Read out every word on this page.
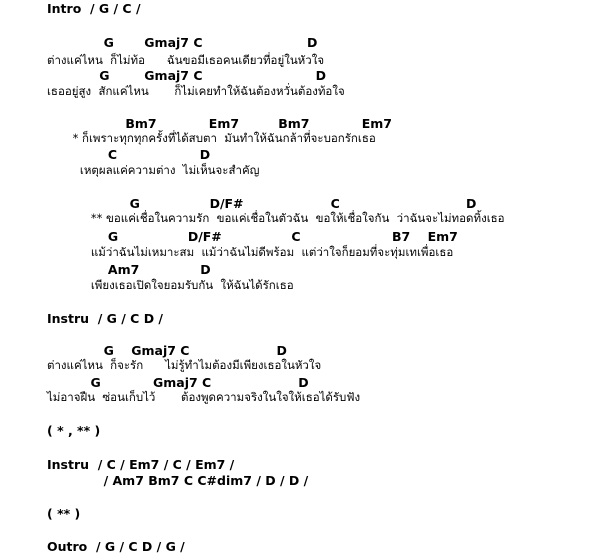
Intro  / G / C /
G       Gmaj7 C                        D
ต่างแค่ไหน  ก็ไม่ท้อ      ฉันขอมีเธอคนเดียวที่อยู่ในหัวใจ
G        Gmaj7 C                          D
เธออยู่สูง  สักแค่ไหน       ก็ไม่เคยทำให้ฉันต้องหวั่นต้องท้อใจ
Bm7            Em7         Bm7            Em7
* ก็เพราะทุกทุกครั้งที่ได้สบตา  มันทำให้ฉันกล้าที่จะบอกรักเธอ
C                   D
เหตุผลแค่ความต่าง  ไม่เห็นจะสำคัญ
G                D/F#                    C                             D
** ขอแค่เชื่อในความรัก  ขอแค่เชื่อในตัวฉัน  ขอให้เชื่อใจกัน  ว่าฉันจะไม่ทอดทิ้งเธอ
G                D/F#                C                     B7    Em7
แม้ว่าฉันไม่เหมาะสม  แม้ว่าฉันไม่ดีพร้อม  แต่ว่าใจก็ยอมที่จะทุ่มเทเพื่อเธอ
Am7              D
เพียงเธอเปิดใจยอมรับกัน  ให้ฉันได้รักเธอ
Instru  / G / C D /
G    Gmaj7 C                    D
ต่างแค่ไหน  ก็จะรัก      ไม่รู้ทำไมต้องมีเพียงเธอในหัวใจ
G            Gmaj7 C                    D
ไม่อาจฝืน  ซ่อนเก็บไว้       ต้องพูดความจริงในใจให้เธอได้รับฟัง
( * , ** )
Instru  / C / Em7 / C / Em7 /
/ Am7 Bm7 C C#dim7 / D / D /
( ** )
Outro  / G / C D / G /
